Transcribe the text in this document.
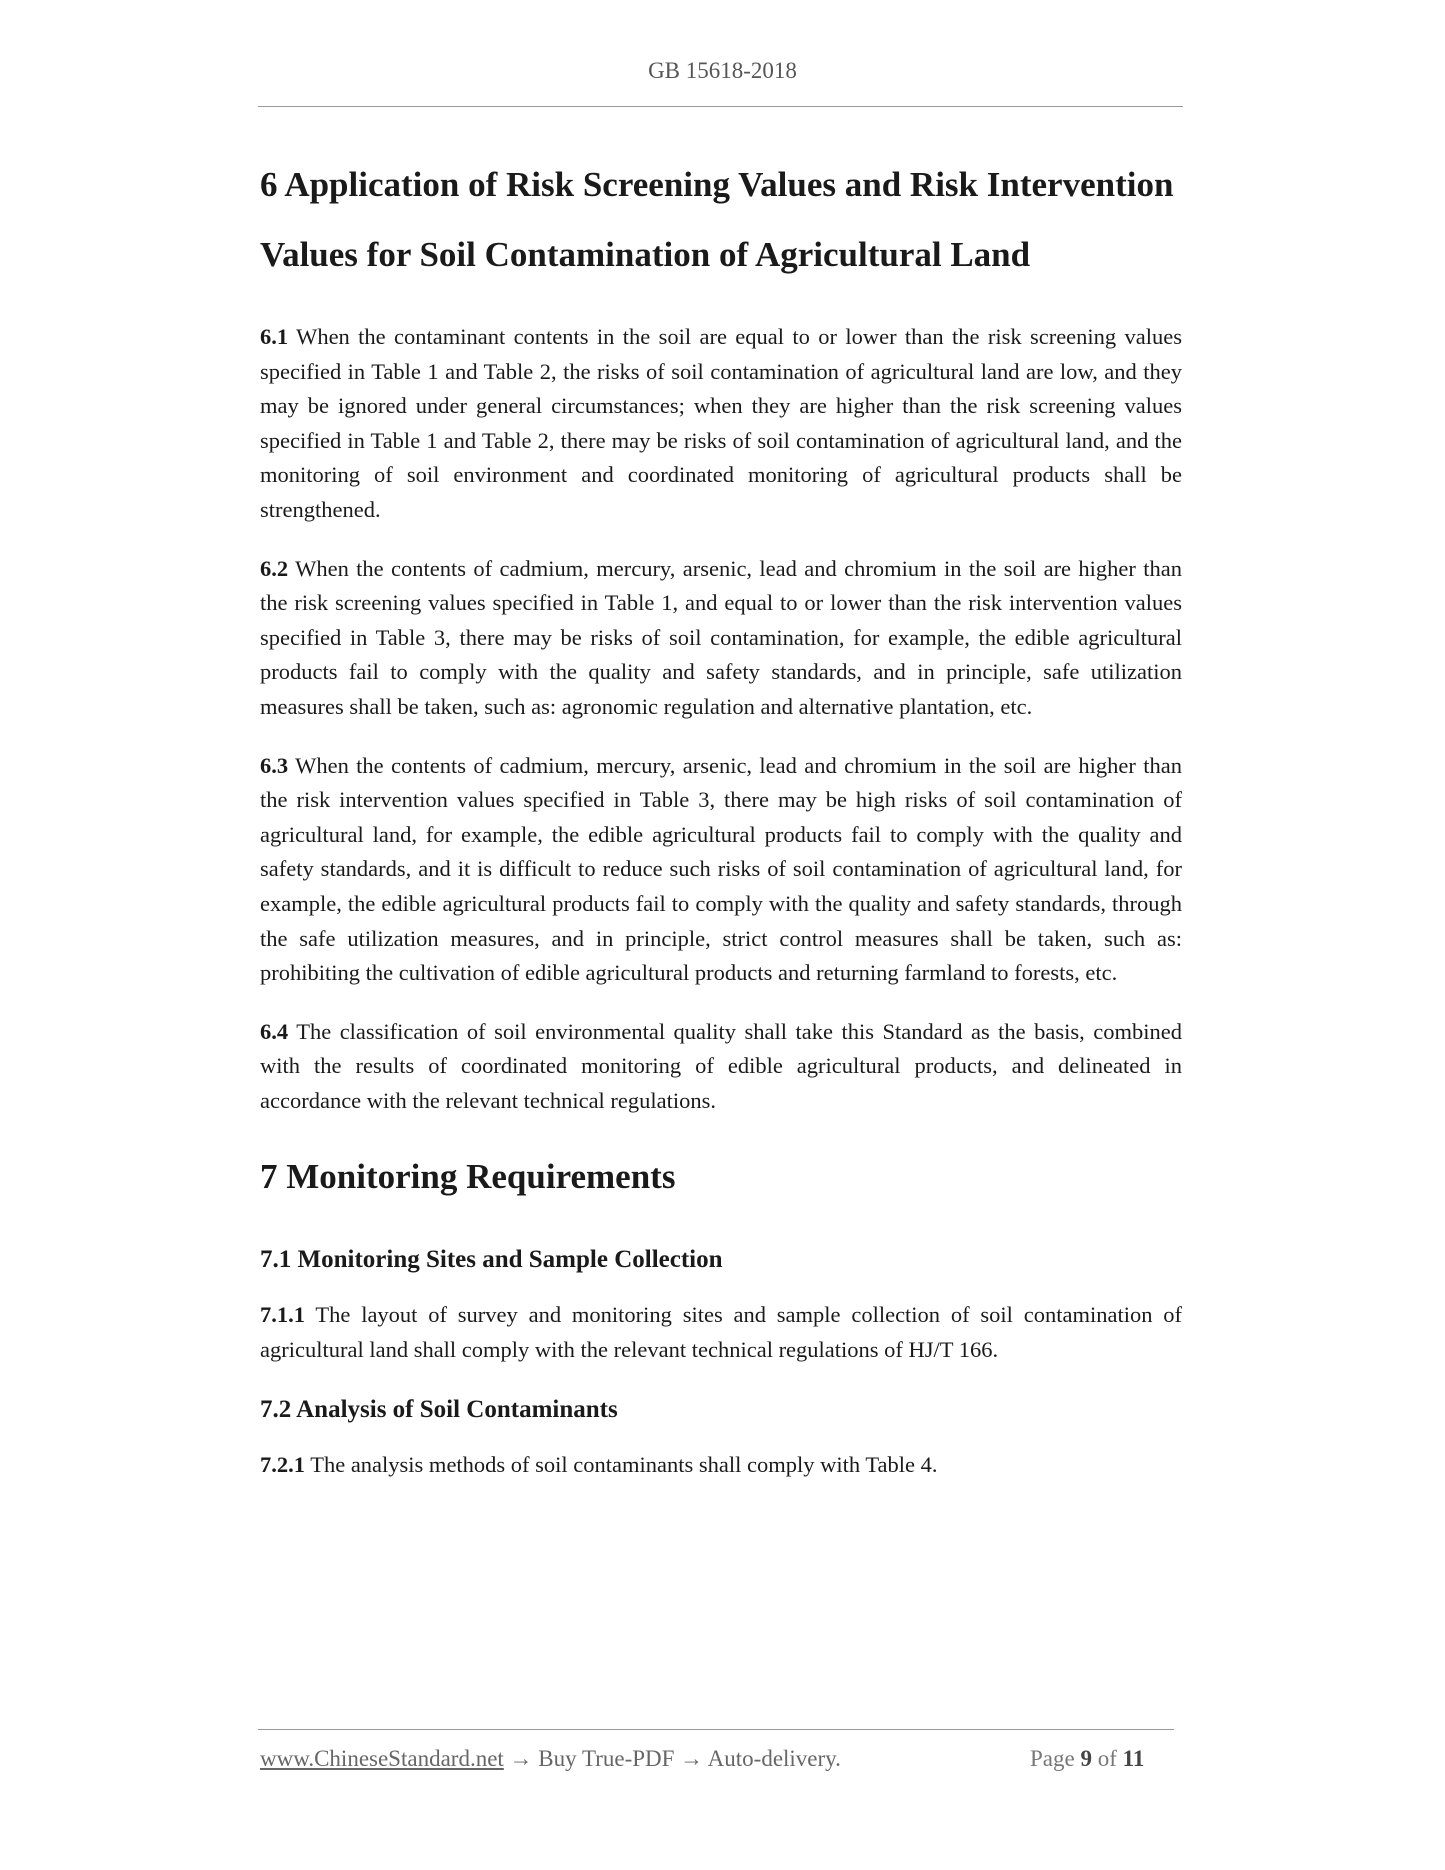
GB 15618-2018
6 Application of Risk Screening Values and Risk Intervention
Values for Soil Contamination of Agricultural Land

6.1 When the contaminant contents in the soil are equal to or lower than the risk screening values specified in Table 1 and Table 2, the risks of soil contamination of agricultural land are low, and they may be ignored under general circumstances; when they are higher than the risk screening values specified in Table 1 and Table 2, there may be risks of soil contamination of agricultural land, and the monitoring of soil environment and coordinated monitoring of agricultural products shall be strengthened.

6.2 When the contents of cadmium, mercury, arsenic, lead and chromium in the soil are higher than the risk screening values specified in Table 1, and equal to or lower than the risk intervention values specified in Table 3, there may be risks of soil contamination, for example, the edible agricultural products fail to comply with the quality and safety standards, and in principle, safe utilization measures shall be taken, such as: agronomic regulation and alternative plantation, etc.

6.3 When the contents of cadmium, mercury, arsenic, lead and chromium in the soil are higher than the risk intervention values specified in Table 3, there may be high risks of soil contamination of agricultural land, for example, the edible agricultural products fail to comply with the quality and safety standards, and it is difficult to reduce such risks of soil contamination of agricultural land, for example, the edible agricultural products fail to comply with the quality and safety standards, through the safe utilization measures, and in principle, strict control measures shall be taken, such as: prohibiting the cultivation of edible agricultural products and returning farmland to forests, etc.

6.4 The classification of soil environmental quality shall take this Standard as the basis, combined with the results of coordinated monitoring of edible agricultural products, and delineated in accordance with the relevant technical regulations.

7 Monitoring Requirements
7.1 Monitoring Sites and Sample Collection

7.1.1 The layout of survey and monitoring sites and sample collection of soil contamination of agricultural land shall comply with the relevant technical regulations of HJ/T 166.

7.2 Analysis of Soil Contaminants

7.2.1 The analysis methods of soil contaminants shall comply with Table 4.

www.ChineseStandard.net → Buy True-PDF → Auto-delivery.	Page 9 of 11
